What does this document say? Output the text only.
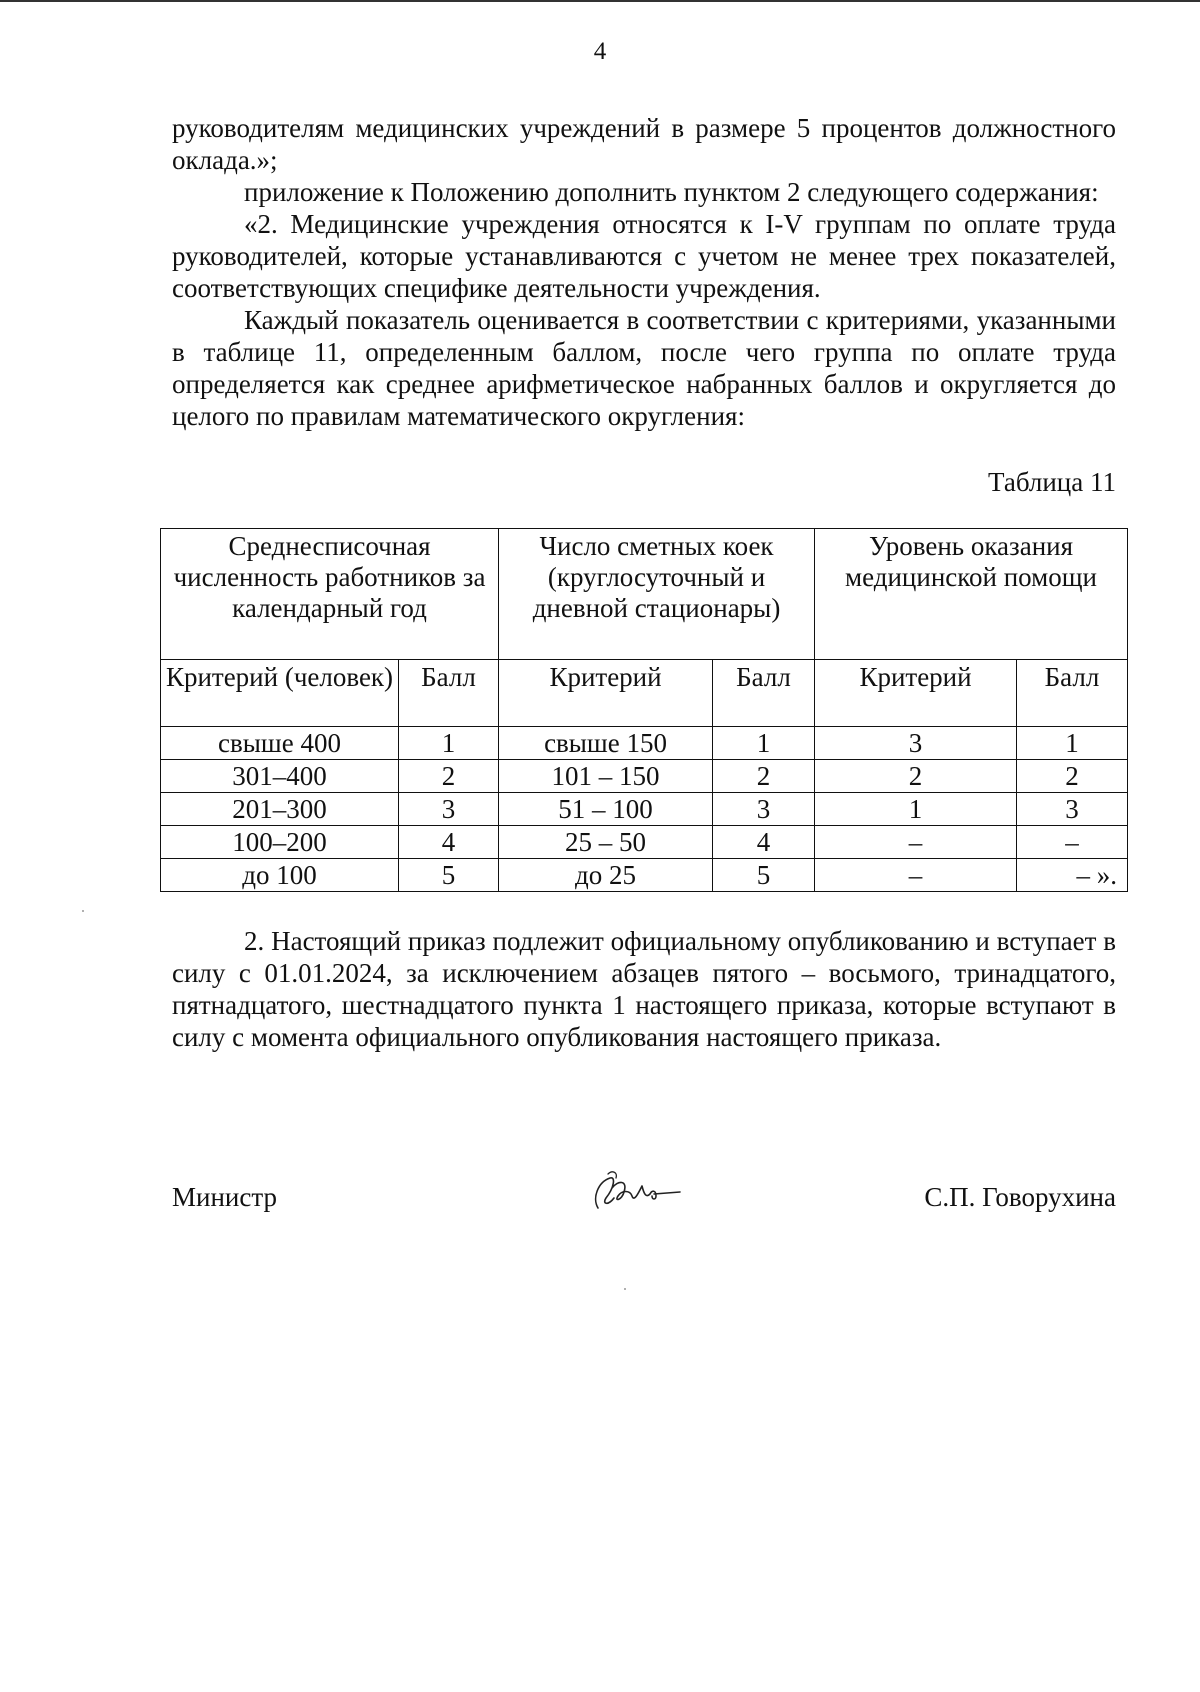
4

руководителям медицинских учреждений в размере 5 процентов должностного оклада.»;

приложение к Положению дополнить пунктом 2 следующего содержания:

«2. Медицинские учреждения относятся к I-V группам по оплате труда руководителей, которые устанавливаются с учетом не менее трех показателей, соответствующих специфике деятельности учреждения.

Каждый показатель оценивается в соответствии с критериями, указанными в таблице 11, определенным баллом, после чего группа по оплате труда определяется как среднее арифметическое набранных баллов и округляется до целого по правилам математического округления:

Таблица 11
Среднесписочная численность работников за календарный год		Число сметных коек (круглосуточный и дневной стационары)		Уровень оказания медицинской помощи	
Критерий (человек)	Балл	Критерий	Балл	Критерий	Балл
свыше 400	1	свыше 150	1	3	1
301–400	2	101 – 150	2	2	2
201–300	3	51 – 100	3	1	3
100–200	4	25 – 50	4	–	–
до 100	5	до 25	5	–	– ».

2. Настоящий приказ подлежит официальному опубликованию и вступает в силу с 01.01.2024, за исключением абзацев пятого – восьмого, тринадцатого, пятнадцатого, шестнадцатого пункта 1 настоящего приказа, которые вступают в силу с момента официального опубликования настоящего приказа.

Министр	С.П. Говорухина
